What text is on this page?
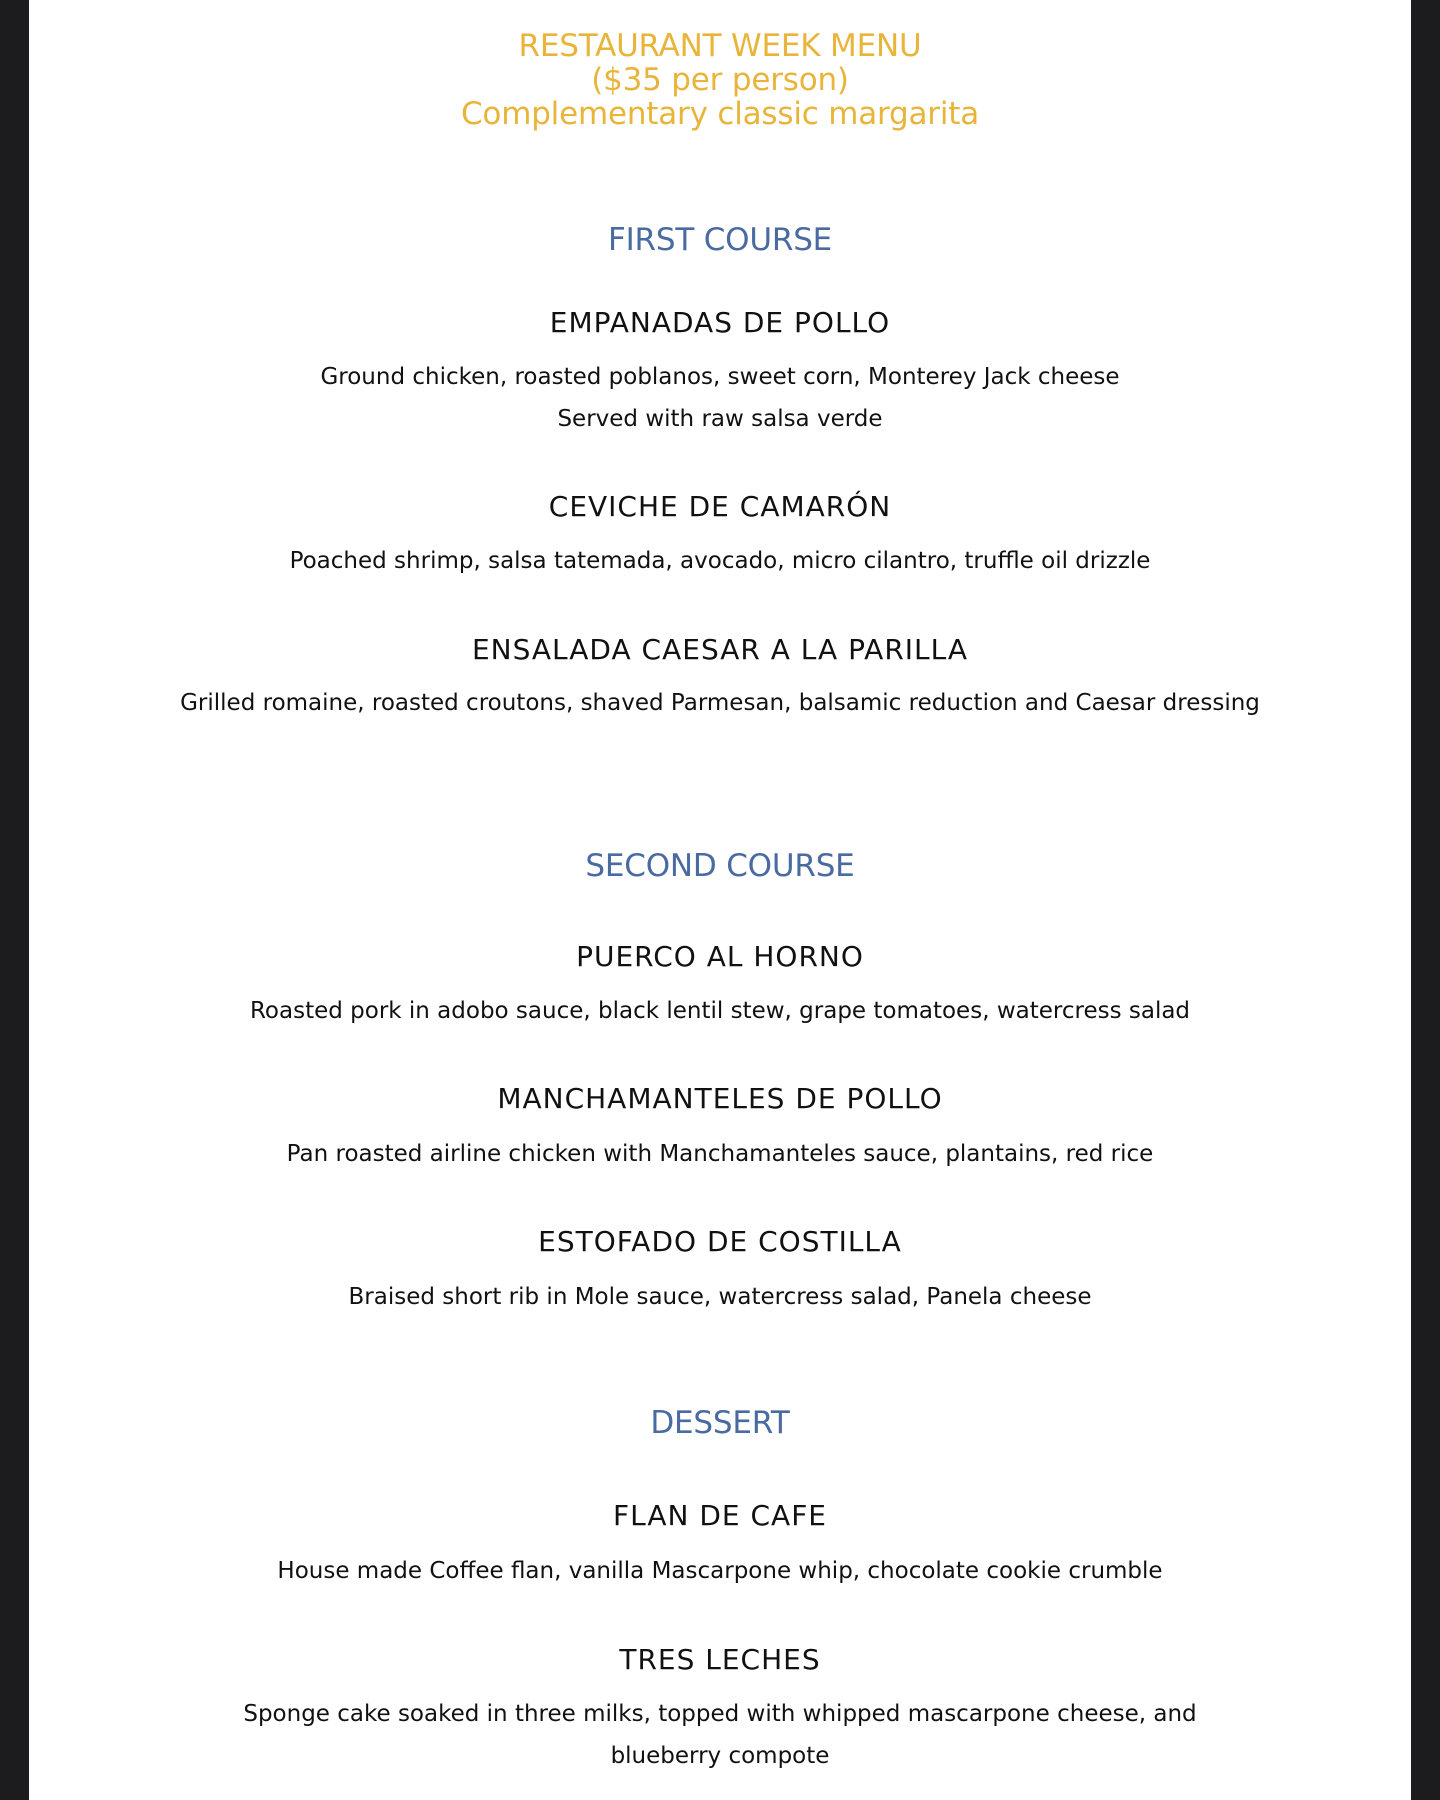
RESTAURANT WEEK MENU
($35 per person)
Complementary classic margarita
FIRST COURSE
EMPANADAS DE POLLO
Ground chicken, roasted poblanos, sweet corn, Monterey Jack cheese
Served with raw salsa verde
CEVICHE DE CAMARÓN
Poached shrimp, salsa tatemada, avocado, micro cilantro, truffle oil drizzle
ENSALADA CAESAR A LA PARILLA
Grilled romaine, roasted croutons, shaved Parmesan, balsamic reduction and Caesar dressing
SECOND COURSE
PUERCO AL HORNO
Roasted pork in adobo sauce, black lentil stew, grape tomatoes, watercress salad
MANCHAMANTELES DE POLLO
Pan roasted airline chicken with Manchamanteles sauce, plantains, red rice
ESTOFADO DE COSTILLA
Braised short rib in Mole sauce, watercress salad, Panela cheese
DESSERT
FLAN DE CAFE
House made Coffee flan, vanilla Mascarpone whip, chocolate cookie crumble
TRES LECHES
Sponge cake soaked in three milks, topped with whipped mascarpone cheese, and
blueberry compote
